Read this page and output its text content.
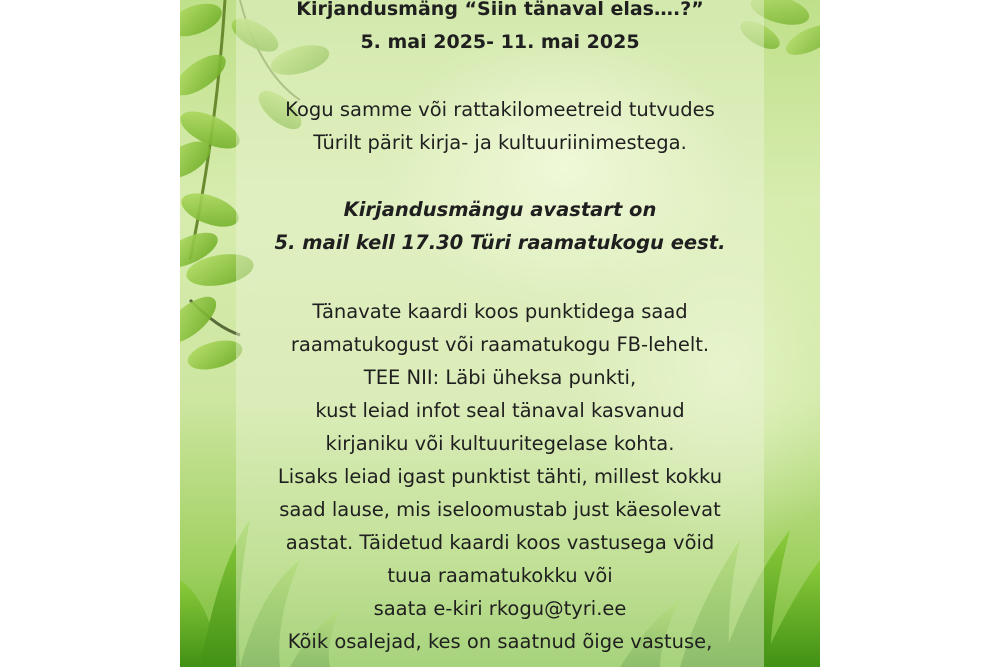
Kirjandusmäng “Siin tänaval elas….?”
5. mai 2025- 11. mai 2025
Kogu samme või rattakilomeetreid tutvudes
Türilt pärit kirja- ja kultuuriinimestega.
Kirjandusmängu avastart on
5. mail kell 17.30 Türi raamatukogu eest.
Tänavate kaardi koos punktidega saad
raamatukogust või raamatukogu FB-lehelt.
TEE NII: Läbi üheksa punkti,
kust leiad infot seal tänaval kasvanud
kirjaniku või kultuuritegelase kohta.
Lisaks leiad igast punktist tähti, millest kokku
saad lause, mis iseloomustab just käesolevat
aastat. Täidetud kaardi koos vastusega võid
tuua raamatukokku või
saata e-kiri rkogu@tyri.ee
Kõik osalejad, kes on saatnud õige vastuse,
